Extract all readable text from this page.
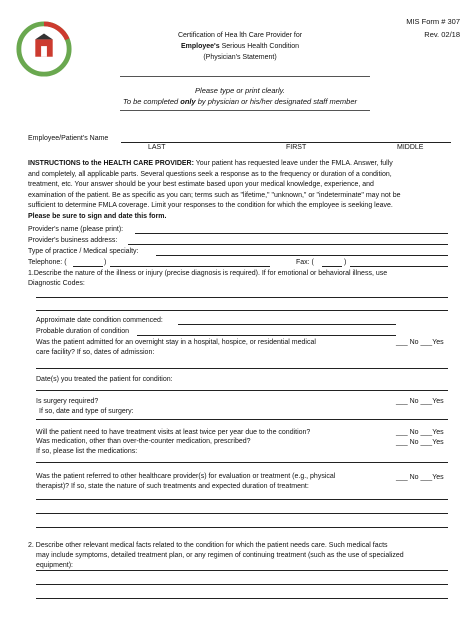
MIS Form # 307
Rev. 02/18
Certification of Hea lth Care Provider for
Employee's Serious Health Condition
(Physician's Statement)
Please type or print clearly.
To be completed only by physician or his/her designated staff member
Employee/Patient's Name
LAST	FIRST	MIDDLE
INSTRUCTIONS to the HEALTH CARE PROVIDER: Your patient has requested leave under the FMLA. Answer, fully
and completely, all applicable parts. Several questions seek a response as to the frequency or duration of a condition,
treatment, etc. Your answer should be your best estimate based upon your medical knowledge, experience, and
examination of the patient. Be as specific as you can; terms such as "lifetime," "unknown," or "indeterminate" may not be
sufficient to determine FMLA coverage. Limit your responses to the condition for which the employee is seeking leave.
Please be sure to sign and date this form.
Provider's name (please print):
Provider's business address:
Type of practice / Medical specialty:
Telephone: (	)	Fax: (	)
1.Describe the nature of the illness or injury (precise diagnosis is required). If for emotional or behavioral illness, use
Diagnostic Codes:
Approximate date condition commenced:
Probable duration of condition
Was the patient admitted for an overnight stay in a hospital, hospice, or residential medical
care facility? If so, dates of admission:
___ No ___Yes
Date(s) you treated the patient for condition:
Is surgery required?
If so, date and type of surgery:
___ No ___Yes
Will the patient need to have treatment visits at least twice per year due to the condition?	___ No ___Yes
Was medication, other than over-the-counter medication, prescribed?
If so, please list the medications:
___ No ___Yes
Was the patient referred to other healthcare provider(s) for evaluation or treatment (e.g., physical
therapist)? If so, state the nature of such treatments and expected duration of treatment:
___ No ___Yes
2. Describe other relevant medical facts related to the condition for which the patient needs care. Such medical facts
may include symptoms, detailed treatment plan, or any regimen of continuing treatment (such as the use of specialized
equipment):
